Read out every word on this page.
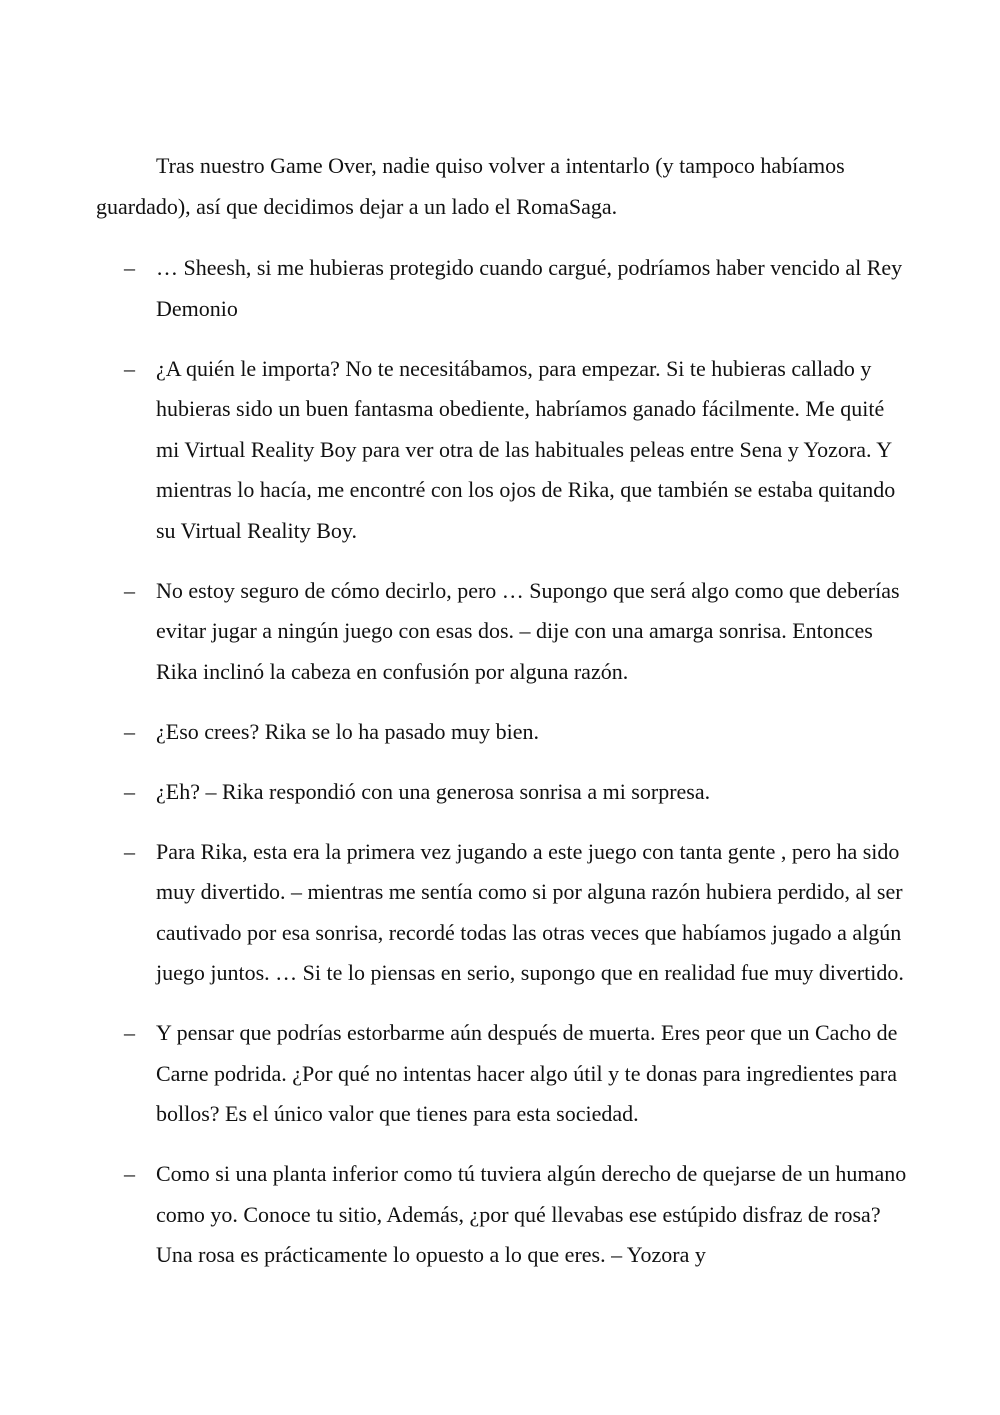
Tras nuestro Game Over, nadie quiso volver a intentarlo (y tampoco habíamos guardado), así que decidimos dejar a un lado el RomaSaga.

– … Sheesh, si me hubieras protegido cuando cargué, podríamos haber vencido al Rey Demonio
– ¿A quién le importa? No te necesitábamos, para empezar. Si te hubieras callado y hubieras sido un buen fantasma obediente, habríamos ganado fácilmente. Me quité mi Virtual Reality Boy para ver otra de las habituales peleas entre Sena y Yozora. Y mientras lo hacía, me encontré con los ojos de Rika, que también se estaba quitando su Virtual Reality Boy.
– No estoy seguro de cómo decirlo, pero … Supongo que será algo como que deberías evitar jugar a ningún juego con esas dos. – dije con una amarga sonrisa. Entonces Rika inclinó la cabeza en confusión por alguna razón.
– ¿Eso crees? Rika se lo ha pasado muy bien.
– ¿Eh? – Rika respondió con una generosa sonrisa a mi sorpresa.
– Para Rika, esta era la primera vez jugando a este juego con tanta gente , pero ha sido muy divertido. – mientras me sentía como si por alguna razón hubiera perdido, al ser cautivado por esa sonrisa, recordé todas las otras veces que habíamos jugado a algún juego juntos. … Si te lo piensas en serio, supongo que en realidad fue muy divertido.
– Y pensar que podrías estorbarme aún después de muerta. Eres peor que un Cacho de Carne podrida. ¿Por qué no intentas hacer algo útil y te donas para ingredientes para bollos? Es el único valor que tienes para esta sociedad.
– Como si una planta inferior como tú tuviera algún derecho de quejarse de un humano como yo. Conoce tu sitio, Además, ¿por qué llevabas ese estúpido disfraz de rosa? Una rosa es prácticamente lo opuesto a lo que eres. – Yozora y
